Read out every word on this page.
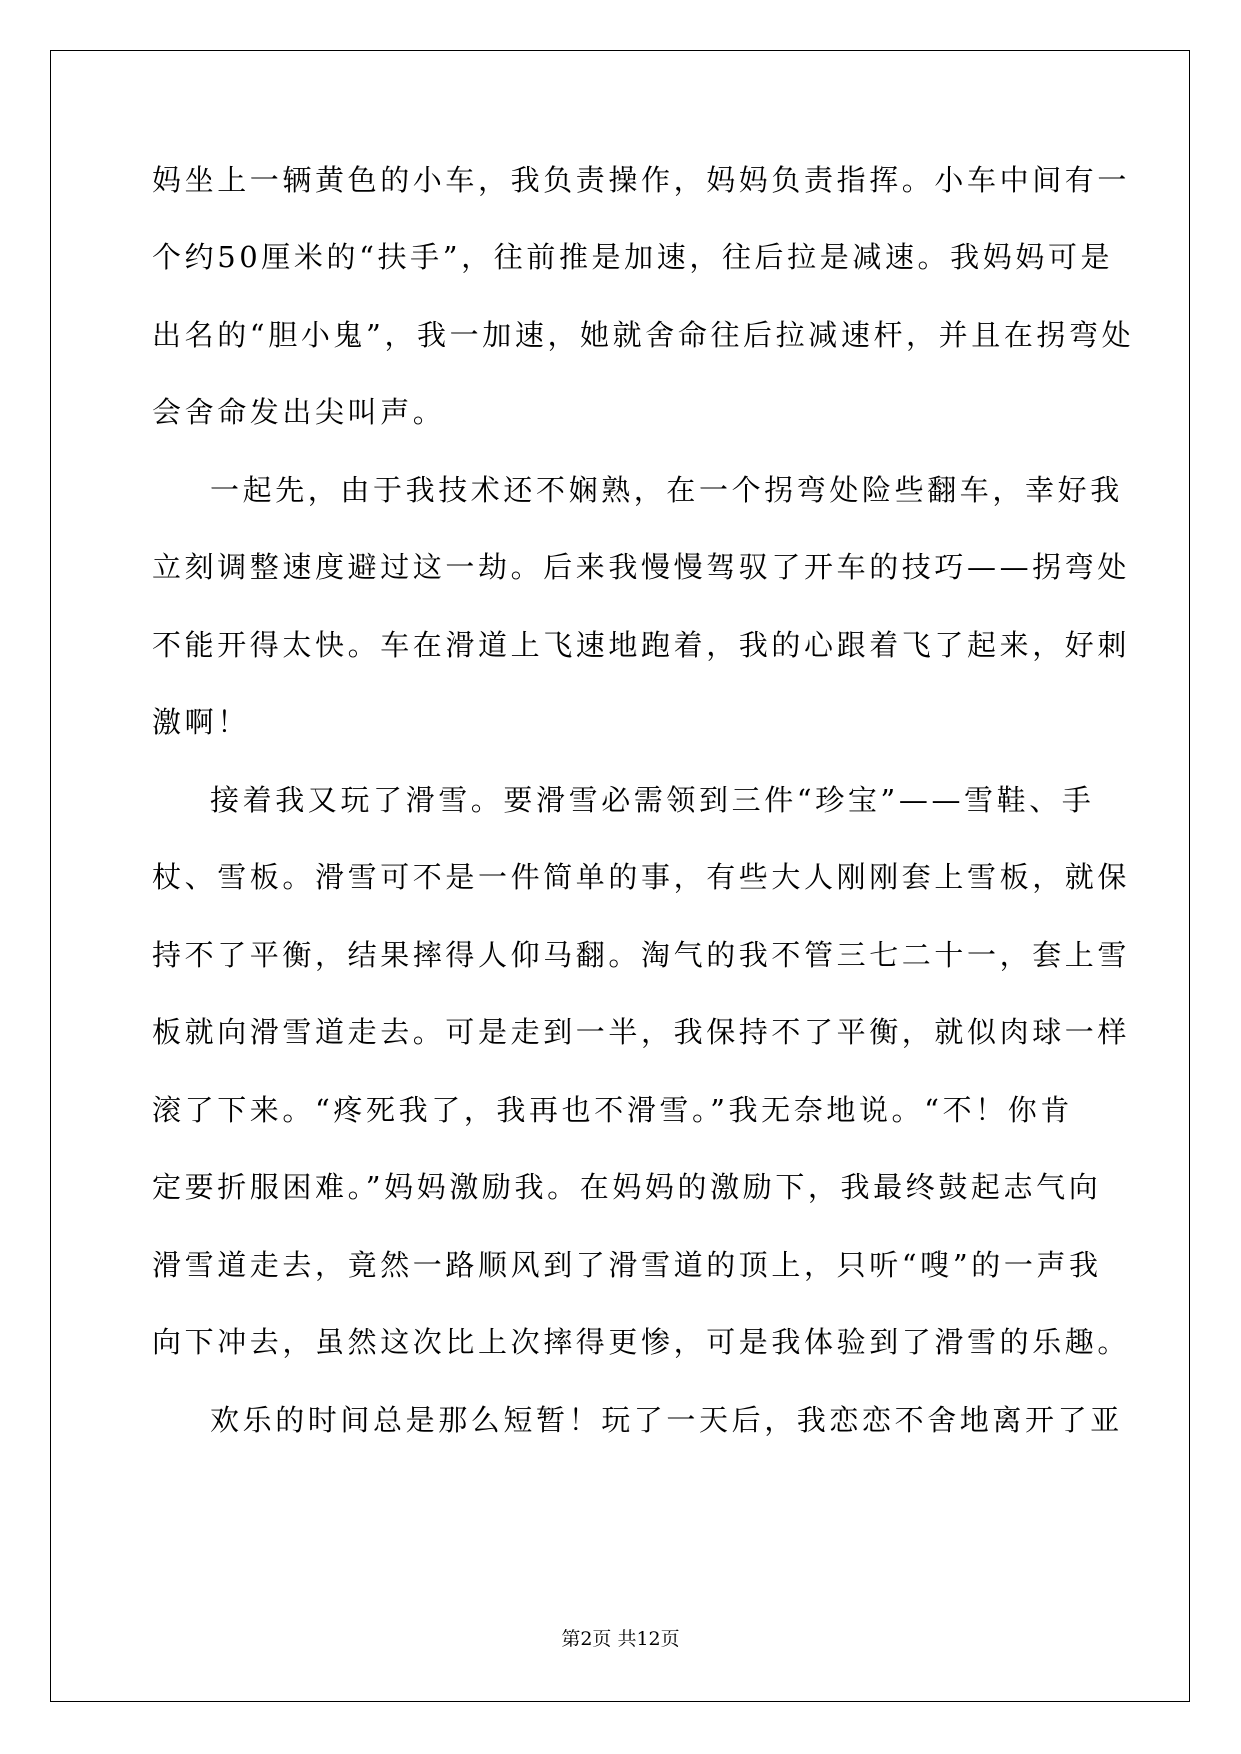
妈坐上一辆黄色的小车，我负责操作，妈妈负责指挥。小车中间有一
个约50厘米的“扶手”，往前推是加速，往后拉是减速。我妈妈可是
出名的“胆小鬼”，我一加速，她就舍命往后拉减速杆，并且在拐弯处
会舍命发出尖叫声。
一起先，由于我技术还不娴熟，在一个拐弯处险些翻车，幸好我
立刻调整速度避过这一劫。后来我慢慢驾驭了开车的技巧——拐弯处
不能开得太快。车在滑道上飞速地跑着，我的心跟着飞了起来，好刺
激啊！
接着我又玩了滑雪。要滑雪必需领到三件“珍宝”——雪鞋、手
杖、雪板。滑雪可不是一件简单的事，有些大人刚刚套上雪板，就保
持不了平衡，结果摔得人仰马翻。淘气的我不管三七二十一，套上雪
板就向滑雪道走去。可是走到一半，我保持不了平衡，就似肉球一样
滚了下来。“疼死我了，我再也不滑雪。”我无奈地说。“不！你肯
定要折服困难。”妈妈激励我。在妈妈的激励下，我最终鼓起志气向
滑雪道走去，竟然一路顺风到了滑雪道的顶上，只听“嗖”的一声我
向下冲去，虽然这次比上次摔得更惨，可是我体验到了滑雪的乐趣。
欢乐的时间总是那么短暂！玩了一天后，我恋恋不舍地离开了亚
第2页 共12页
